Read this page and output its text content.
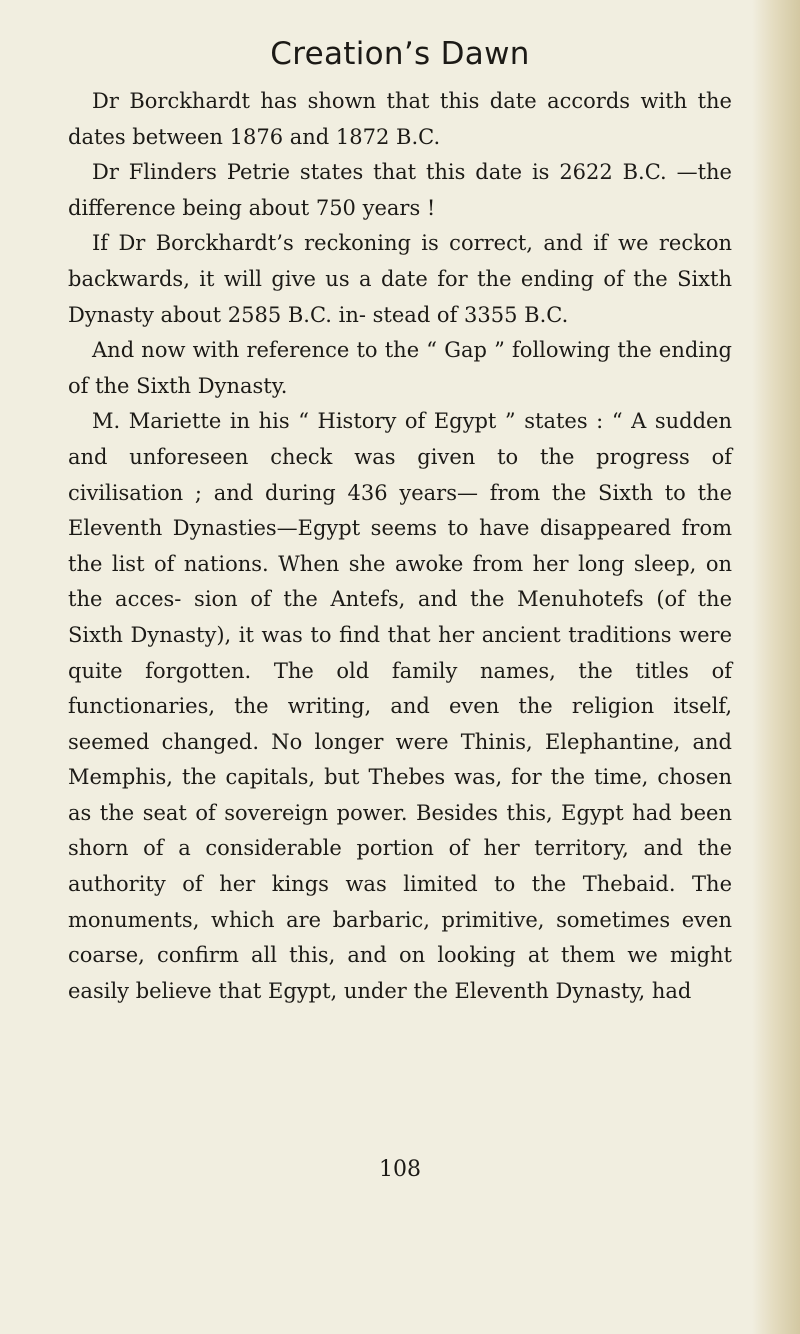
Creation’s Dawn

Dr Borckhardt has shown that this date accords with the dates between 1876 and 1872 B.C.

Dr Flinders Petrie states that this date is 2622 B.C. —the difference being about 750 years !

If Dr Borckhardt’s reckoning is correct, and if we reckon backwards, it will give us a date for the ending of the Sixth Dynasty about 2585 B.C. in- stead of 3355 B.C.

And now with reference to the “ Gap ” following the ending of the Sixth Dynasty.

M. Mariette in his “ History of Egypt ” states : “ A sudden and unforeseen check was given to the progress of civilisation ; and during 436 years— from the Sixth to the Eleventh Dynasties—Egypt seems to have disappeared from the list of nations. When she awoke from her long sleep, on the acces- sion of the Antefs, and the Menuhotefs (of the Sixth Dynasty), it was to find that her ancient traditions were quite forgotten. The old family names, the titles of functionaries, the writing, and even the religion itself, seemed changed. No longer were Thinis, Elephantine, and Memphis, the capitals, but Thebes was, for the time, chosen as the seat of sovereign power. Besides this, Egypt had been shorn of a considerable portion of her territory, and the authority of her kings was limited to the Thebaid. The monuments, which are barbaric, primitive, sometimes even coarse, confirm all this, and on looking at them we might easily believe that Egypt, under the Eleventh Dynasty, had

108
